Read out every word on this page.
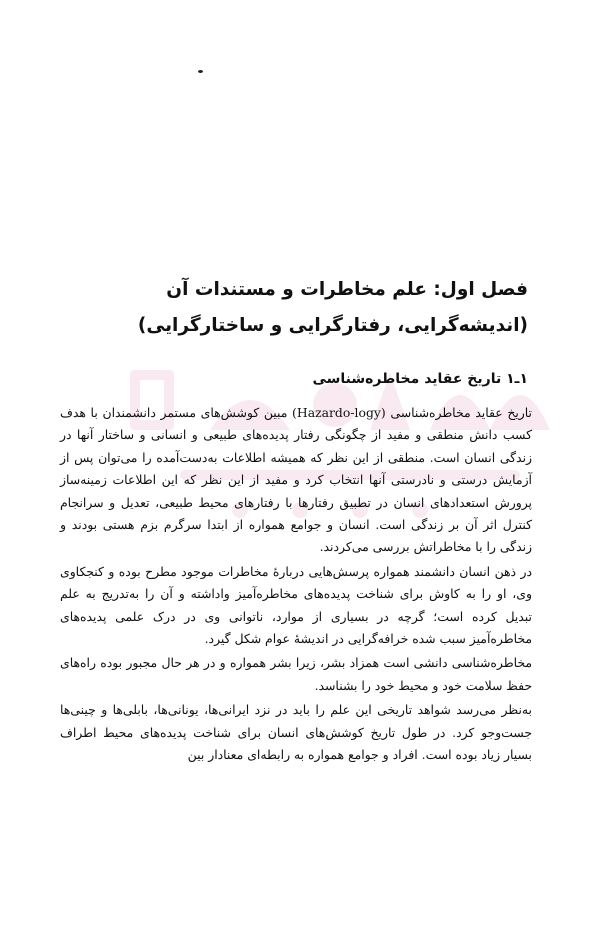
فصل اول: علم مخاطرات و مستندات آن (اندیشه‌گرایی، رفتارگرایی و ساختارگرایی)
۱ـ۱ تاریخ عقاید مخاطره‌شناسی

تاریخ عقاید مخاطره‌شناسی (Hazardo-logy) مبین کوشش‌های مستمر دانشمندان با هدف کسب دانش منطقی و مفید از چگونگی رفتار پدیده‌های طبیعی و انسانی و ساختار آنها در زندگی انسان است. منطقی از این نظر که همیشه اطلاعات به‌دست‌آمده را می‌توان پس از آزمایش درستی و نادرستی آنها انتخاب کرد و مفید از این نظر که این اطلاعات زمینه‌ساز پرورش استعدادهای انسان در تطبیق رفتارها با رفتارهای محیط طبیعی، تعدیل و سرانجام کنترل اثر آن بر زندگی است. انسان و جوامع همواره از ابتدا سرگرم بزم هستی بودند و زندگی را با مخاطراتش بررسی می‌کردند.

در ذهن انسان دانشمند همواره پرسش‌هایی دربارهٔ مخاطرات موجود مطرح بوده و کنجکاوی وی، او را به کاوش برای شناخت پدیده‌های مخاطره‌آمیز واداشته و آن را به‌تدریج به علم تبدیل کرده است؛ گرچه در بسیاری از موارد، ناتوانی وی در درک علمی پدیده‌های مخاطره‌آمیز سبب شده خرافه‌گرایی در اندیشهٔ عوام شکل گیرد.

مخاطره‌شناسی دانشی است همزاد بشر، زیرا بشر همواره و در هر حال مجبور بوده راه‌های حفظ سلامت خود و محیط خود را بشناسد.

به‌نظر می‌رسد شواهد تاریخی این علم را باید در نزد ایرانی‌ها، یونانی‌ها، بابلی‌ها و چینی‌ها جست‌وجو کرد. در طول تاریخ کوشش‌های انسان برای شناخت پدیده‌های محیط اطراف بسیار زیاد بوده است. افراد و جوامع همواره به رابطه‌ای معنادار بین
